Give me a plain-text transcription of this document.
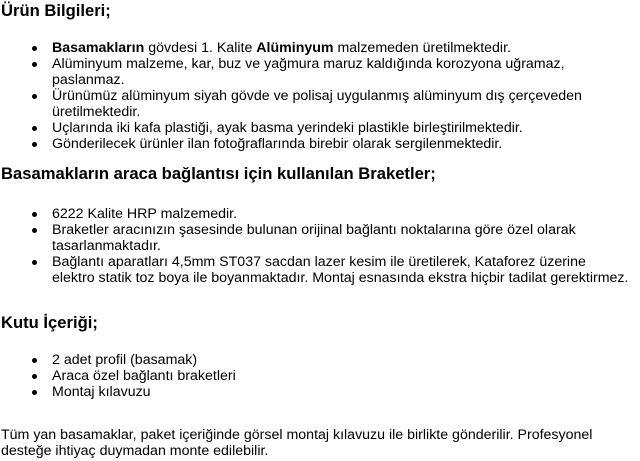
Ürün Bilgileri;
Basamakların gövdesi 1. Kalite Alüminyum malzemeden üretilmektedir.
Alüminyum malzeme, kar, buz ve yağmura maruz kaldığında korozyona uğramaz, paslanmaz.
Ürünümüz alüminyum siyah gövde ve polisaj uygulanmış alüminyum dış çerçeveden üretilmektedir.
Uçlarında iki kafa plastiği, ayak basma yerindeki plastikle birleştirilmektedir.
Gönderilecek ürünler ilan fotoğraflarında birebir olarak sergilenmektedir.
Basamakların araca bağlantısı için kullanılan Braketler;
6222 Kalite HRP malzemedir.
Braketler aracınızın şasesinde bulunan orijinal bağlantı noktalarına göre özel olarak tasarlanmaktadır.
Bağlantı aparatları 4,5mm ST037 sacdan lazer kesim ile üretilerek, Kataforez üzerine elektro statik toz boya ile boyanmaktadır. Montaj esnasında ekstra hiçbir tadilat gerektirmez.
Kutu İçeriği;
2 adet profil (basamak)
Araca özel bağlantı braketleri
Montaj kılavuzu

Tüm yan basamaklar, paket içeriğinde görsel montaj kılavuzu ile birlikte gönderilir. Profesyonel desteğe ihtiyaç duymadan monte edilebilir.
